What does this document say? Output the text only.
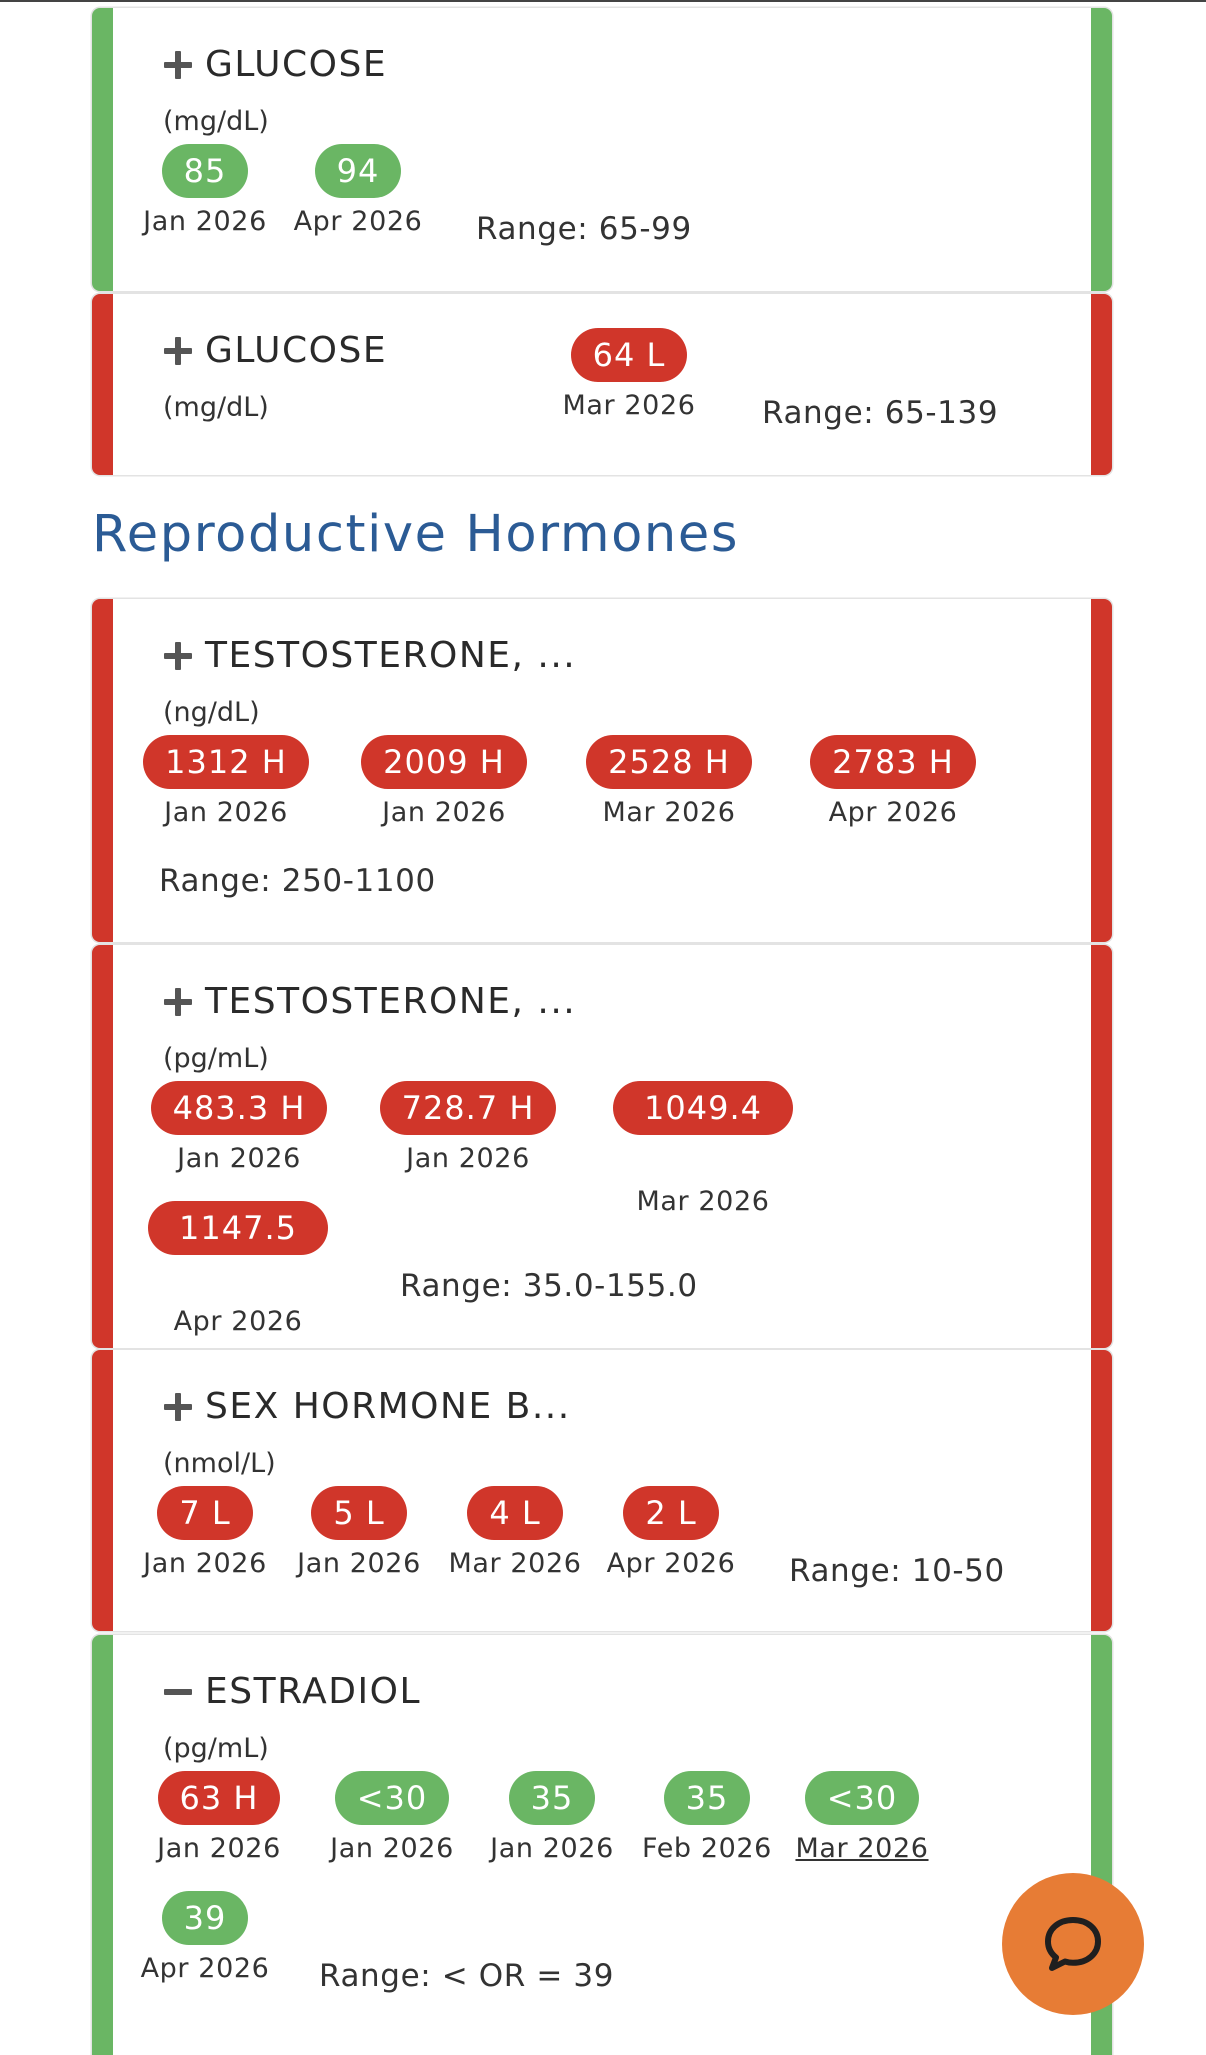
GLUCOSE
(mg/dL)
85
Jan 2026
94
Apr 2026	Range: 65-99
GLUCOSE
(mg/dL)
64 L
Mar 2026	Range: 65-139
Reproductive Hormones
TESTOSTERONE, ...
(ng/dL)
1312 H
Jan 2026
2009 H
Jan 2026
2528 H
Mar 2026
2783 H
Apr 2026
Range: 250-1100
TESTOSTERONE, ...
(pg/mL)
483.3 H
Jan 2026
728.7 H
Jan 2026
1049.4 H
Mar 2026
1147.5 H
Apr 2026
Range: 35.0-155.0
SEX HORMONE B...
(nmol/L)
7 L
Jan 2026
5 L
Jan 2026
4 L
Mar 2026
2 L
Apr 2026	Range: 10-50
ESTRADIOL
(pg/mL)
63 H
Jan 2026
<30
Jan 2026
35
Jan 2026
35
Feb 2026
<30
Mar 2026
39
Apr 2026	Range: < OR = 39
